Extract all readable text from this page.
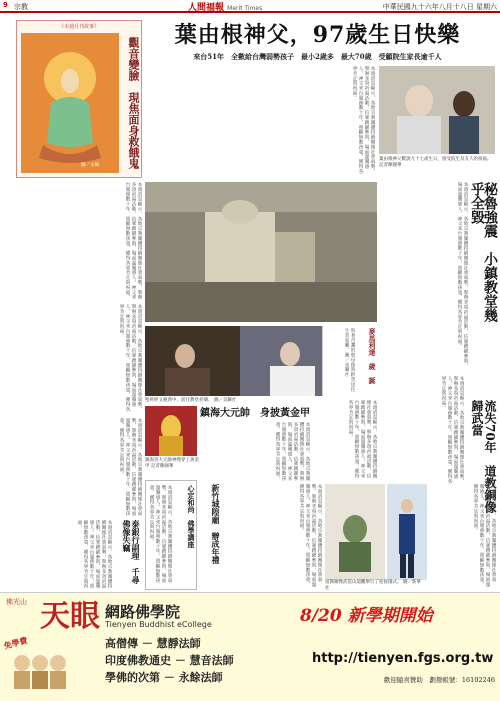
9 宗教	人間福報 Merit Times	中華民國九十六年八月十八日 星期六
《本週月刊故事》
圖／文摘	觀音變臉　現焦面身救餓鬼
本週消息顯示，各地宗教團體持續關懷社會弱勢，舉辦多項祈福活動，信眾踴躍參與，場面溫馨感人。神父來台服務數十年，照顧無數孩童，獲得各界肯定與祝福。
本週消息顯示，各地宗教團體持續關懷社會弱勢，舉辦多項祈福活動，信眾踴躍參與，場面溫馨感人。神父來台服務數十年，照顧無數孩童，獲得各界肯定與祝福。
葉由根神父，97歲生日快樂
來台51年　全數給台灣弱勢孩子　最小2歲多　最大70歲　受顧院生家長逾千人
本週消息顯示，各地宗教團體持續關懷社會弱勢，舉辦多項祈福活動，信眾踴躍參與，場面溫馨感人。神父來台服務數十年，照顧無數孩童，獲得各界肯定與祝福。
葉由根神父數說九十七歲生日，接受院生及友人的祝福。 記者陳國華
秘魯強震　小鎮教堂幾乎全毀
本週消息顯示，各地宗教團體持續關懷社會弱勢，舉辦多項祈福活動，信眾踴躍參與，場面溫馨感人。神父來台服務數十年，照顧無數孩童，獲得各界肯定與祝福。
麥馬利達　歲　誕
和著舌盞的聖母像與鈔票送往生者家屬。圖／美聯社
聖經經文慶典中，前往教堂祈禱。 圖／美聯社
鎮海大元帥　身披黃金甲
鎮海宮大元帥神像穿上黃金甲 記者陳國華	本週消息顯示，各地宗教團體持續關懷社會弱勢，舉辦多項祈福活動，信眾踴躍參與，場面溫馨感人。神父來台服務數十年，照顧無數孩童，獲得各界肯定與祝福。
本週消息顯示，各地宗教團體持續關懷社會弱勢，舉辦多項祈福活動，信眾踴躍參與，場面溫馨感人。神父來台服務數十年，照顧無數孩童，獲得各界肯定與祝福。
泰銀行副理　千尋佛像失竊
本週消息顯示，各地宗教團體持續關懷社會弱勢，舉辦多項祈福活動，信眾踴躍參與，場面溫馨感人。神父來台服務數十年，照顧無數孩童，獲得各界肯定與祝福。	心定和尚　佛學講座
本週消息顯示，各地宗教團體持續關懷社會弱勢，舉辦多項祈福活動，信眾踴躍參與，場面溫馨感人。神父來台服務數十年，照顧無數孩童，獲得各界肯定與祝福。	新竹城隍廟　辦成年禮	本週消息顯示，各地宗教團體持續關懷社會弱勢，舉辦多項祈福活動，信眾踴躍參與，場面溫馨感人。神父來台服務數十年，照顧無數孩童，獲得各界肯定與祝福。	流失70年　道教銅像歸武當
本週消息顯示，各地宗教團體持續關懷社會弱勢，舉辦多項祈福活動，信眾踴躍參與，場面溫馨感人。神父來台服務數十年，照顧無數孩童，獲得各界肯定與祝福。
本週消息顯示，各地宗教團體持續關懷社會弱勢，舉辦多項祈福活動，信眾踴躍參與，場面溫馨感人。神父來台服務數十年，照顧無數孩童，獲得各界肯定與祝福。
本週消息顯示，各地宗教團體持續關懷社會弱勢，舉辦多項祈福活動，信眾踴躍參與，場面溫馨感人。神父來台服務數十年，照顧無數孩童，獲得各界肯定與祝福。
道教銅像武當山道觀舉行了迎接儀式。 圖／新華社
佛光山 天眼 網路佛學院
Tienyen Buddhist eCollege
免學費	高僧傳 － 慧靜法師
印度佛教通史 － 慧音法師
學佛的次第 － 永餘法師
8/20 新學期開始
http://tienyen.fgs.org.tw
歡迎隨喜贊助　劃撥帳號：16102246
